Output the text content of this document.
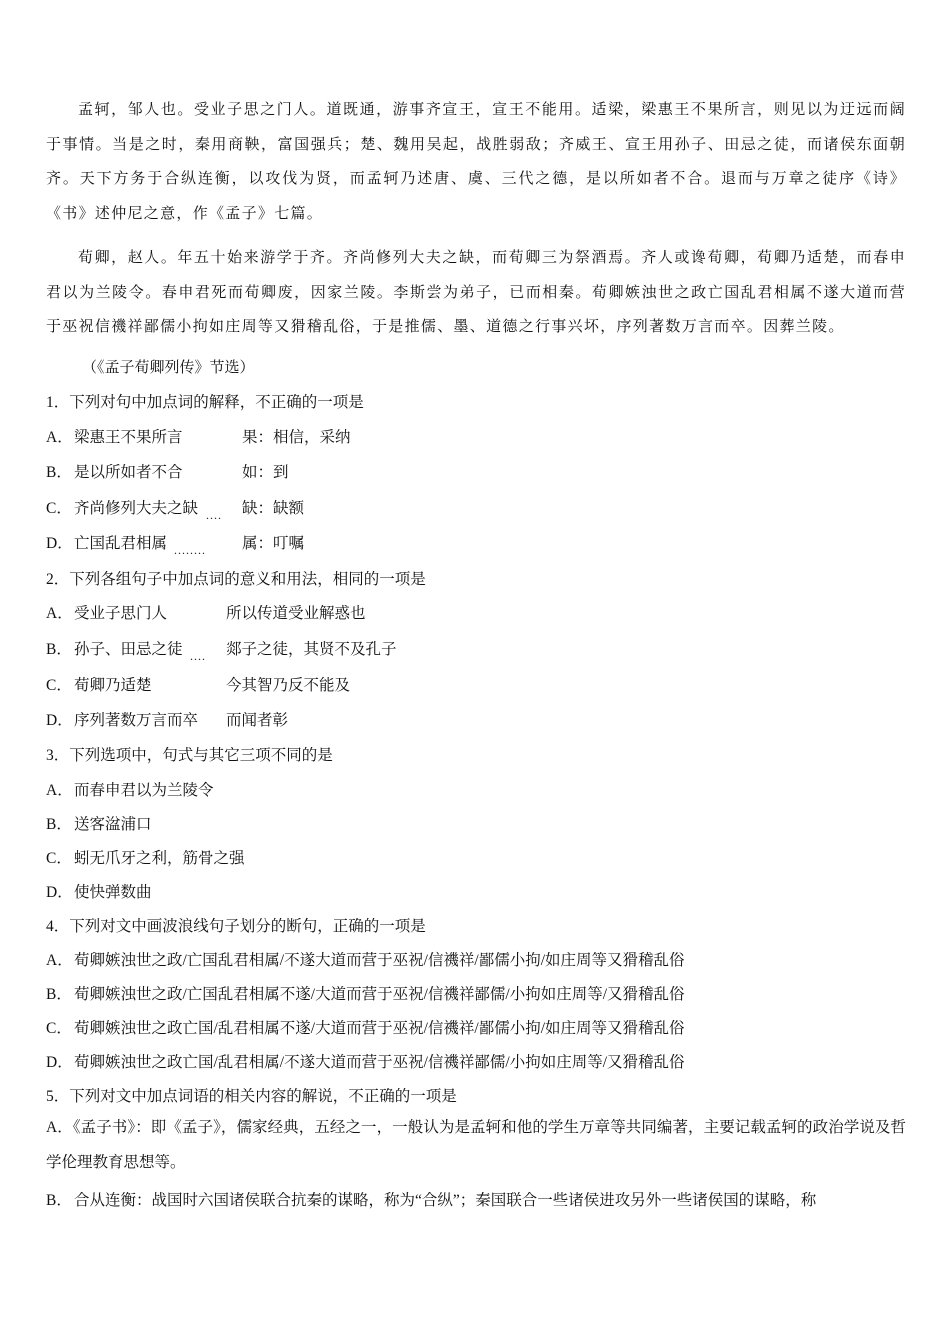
孟轲，邹人也。受业子思之门人。道既通，游事齐宣王，宣王不能用。适梁，梁惠王不果所言，则见以为迂远而阔于事情。当是之时，秦用商鞅，富国强兵；楚、魏用吴起，战胜弱敌；齐威王、宣王用孙子、田忌之徒，而诸侯东面朝齐。天下方务于合纵连衡，以攻伐为贤，而孟轲乃述唐、虞、三代之德，是以所如者不合。退而与万章之徒序《诗》《书》述仲尼之意，作《孟子》七篇。
荀卿，赵人。年五十始来游学于齐。齐尚修列大夫之缺，而荀卿三为祭酒焉。齐人或谗荀卿，荀卿乃适楚，而春申君以为兰陵令。春申君死而荀卿废，因家兰陵。李斯尝为弟子，已而相秦。荀卿嫉浊世之政亡国乱君相属不遂大道而营于巫祝信禨祥鄙儒小拘如庄周等又猾稽乱俗，于是推儒、墨、道德之行事兴坏，序列著数万言而卒。因葬兰陵。
（《孟子荀卿列传》节选）
1．下列对句中加点词的解释，不正确的一项是
A．梁惠王不果所言	果：相信，采纳
B． 是以所如者不合	如：到
C． 齐尚修列大夫之缺 .... 缺：缺额
D．亡国乱君相属 ........ 属：叮嘱
2．下列各组句子中加点词的意义和用法，相同的一项是
A．受业子思门人	所以传道受业解惑也
B． 孙子、田忌之徒 .... 郯子之徒，其贤不及孔子
C． 荀卿乃适楚	今其智乃反不能及
D．序列著数万言而卒 而闻者彰
3．下列选项中，句式与其它三项不同的是
A．而春申君以为兰陵令
B． 送客湓浦口
C． 蚓无爪牙之利，筋骨之强
D．使快弹数曲
4．下列对文中画波浪线句子划分的断句，正确的一项是
A．荀卿嫉浊世之政/亡国乱君相属/不遂大道而营于巫祝/信禨祥/鄙儒小拘/如庄周等又猾稽乱俗
B． 荀卿嫉浊世之政/亡国乱君相属不遂/大道而营于巫祝/信禨祥鄙儒/小拘如庄周等/又猾稽乱俗
C． 荀卿嫉浊世之政亡国/乱君相属不遂/大道而营于巫祝/信禨祥/鄙儒小拘/如庄周等又猾稽乱俗
D．荀卿嫉浊世之政亡国/乱君相属/不遂大道而营于巫祝/信禨祥鄙儒/小拘如庄周等/又猾稽乱俗
5．下列对文中加点词语的相关内容的解说，不正确的一项是
A．《孟子书》：即《孟子》，儒家经典，五经之一，一般认为是孟轲和他的学生万章等共同编著，主要记载孟轲的政治学说及哲学伦理教育思想等。
B． 合从连衡：战国时六国诸侯联合抗秦的谋略，称为“合纵”；秦国联合一些诸侯进攻另外一些诸侯国的谋略，称
